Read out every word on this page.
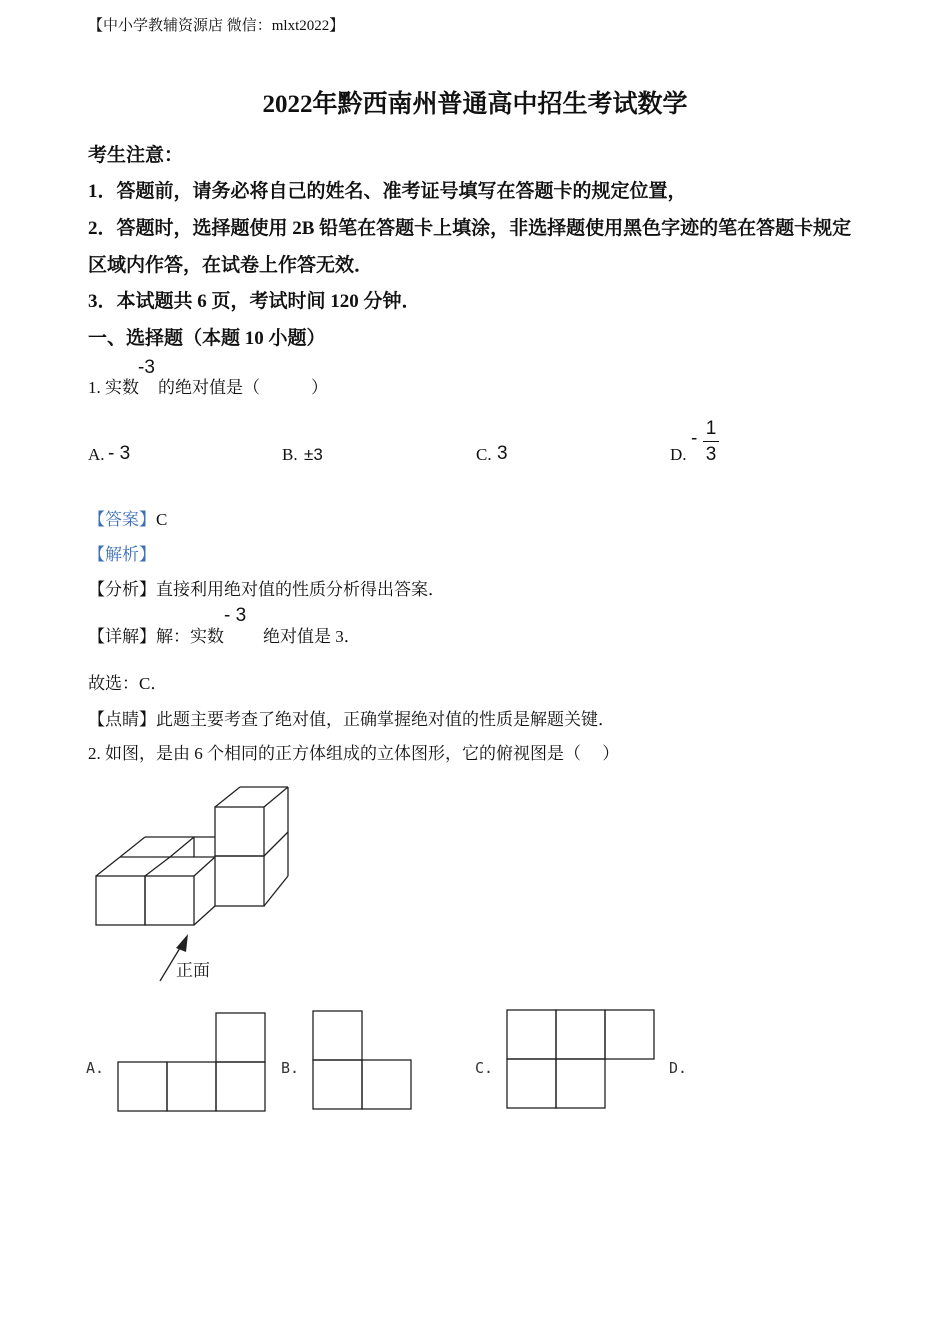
【中小学教辅资源店 微信：mlxt2022】
2022年黔西南州普通高中招生考试数学
考生注意：
1．答题前，请务必将自己的姓名、准考证号填写在答题卡的规定位置，
2．答题时，选择题使用 2B 铅笔在答题卡上填涂，非选择题使用黑色字迹的笔在答题卡规定
区域内作答，在试卷上作答无效．
3．本试题共 6 页，考试时间 120 分钟．
一、选择题（本题 10 小题）
1. 实数
-3
的绝对值是（　　　）
A. - 3	B. ±3	C. 3	D.
- 1
3
【答案】C
【解析】
【分析】直接利用绝对值的性质分析得出答案．
【详解】解：实数
- 3
绝对值是 3．
故选：C．
【点睛】此题主要考查了绝对值，正确掌握绝对值的性质是解题关键．
2. 如图，是由 6 个相同的正方体组成的立体图形，它的俯视图是（　 ）
正面
A.	B.	C.	D.
